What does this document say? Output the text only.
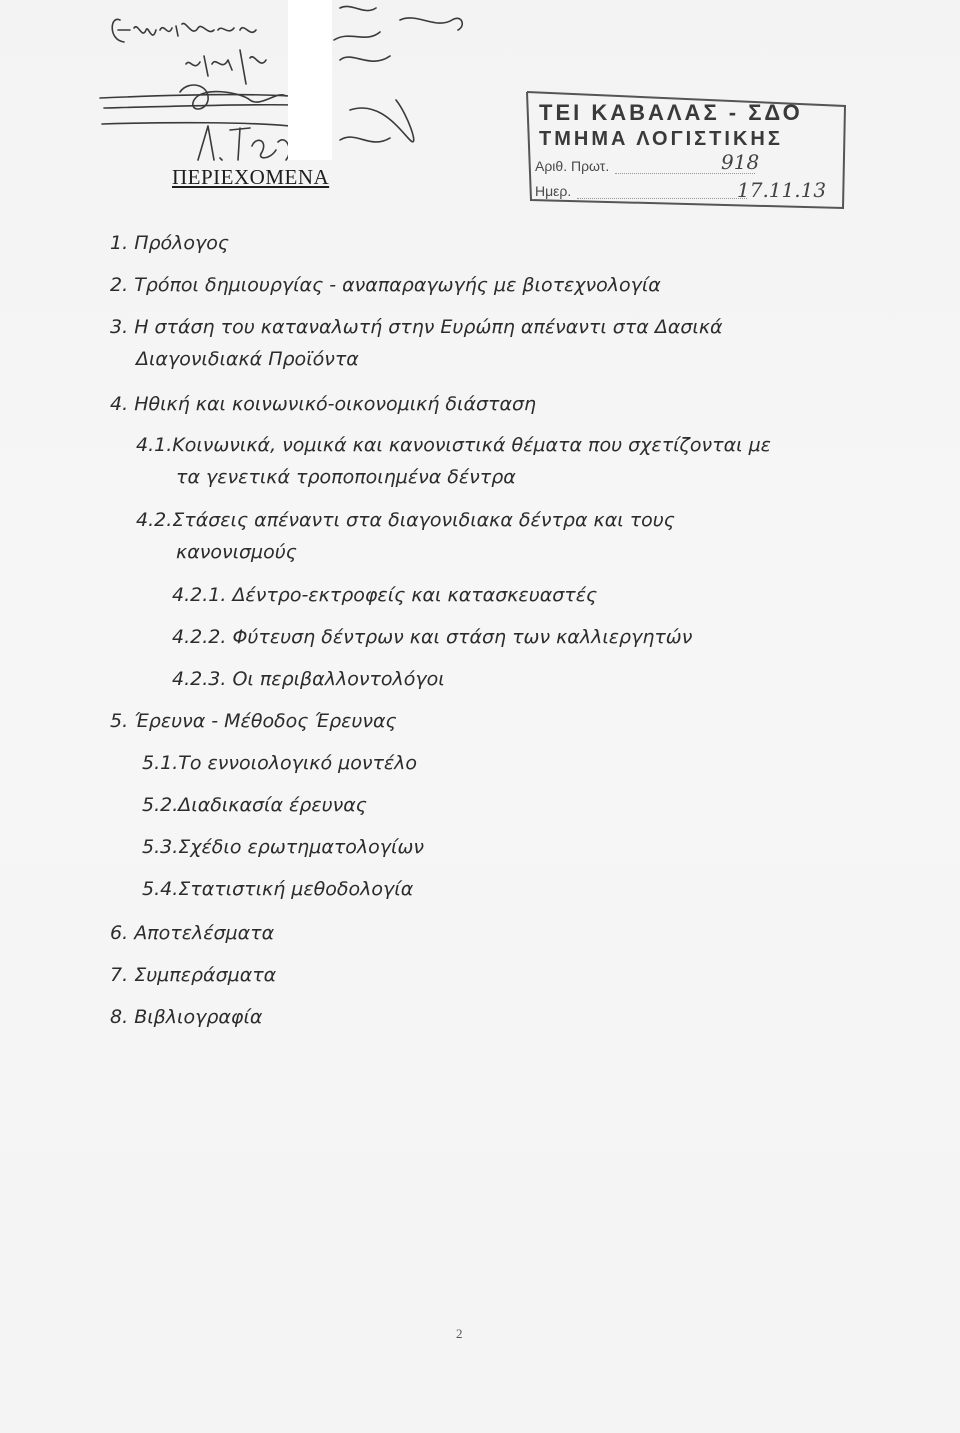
ΠΕΡΙΕΧΟΜΕΝΑ
ΤΕΙ ΚΑΒΑΛΑΣ - ΣΔΟ
ΤΜΗΜΑ ΛΟΓΙΣΤΙΚΗΣ
Αριθ. Πρωτ.	918
Ημερ.	17.11.13
1. Πρόλογος
2. Τρόποι δημιουργίας - αναπαραγωγής με βιοτεχνολογία
3. Η στάση του καταναλωτή στην Ευρώπη απέναντι στα Δασικά
Διαγονιδιακά Προϊόντα
4. Ηθική και κοινωνικό-οικονομική διάσταση
4.1.Κοινωνικά, νομικά και κανονιστικά θέματα που σχετίζονται με
τα γενετικά τροποποιημένα δέντρα
4.2.Στάσεις απέναντι στα διαγονιδιακα δέντρα και τους
κανονισμούς
4.2.1. Δέντρο-εκτροφείς και κατασκευαστές
4.2.2. Φύτευση δέντρων και στάση των καλλιεργητών
4.2.3. Οι περιβαλλοντολόγοι
5. Έρευνα - Μέθοδος Έρευνας
5.1.Το εννοιολογικό μοντέλο
5.2.Διαδικασία έρευνας
5.3.Σχέδιο ερωτηματολογίων
5.4.Στατιστική μεθοδολογία
6. Αποτελέσματα
7. Συμπεράσματα
8. Βιβλιογραφία
2
